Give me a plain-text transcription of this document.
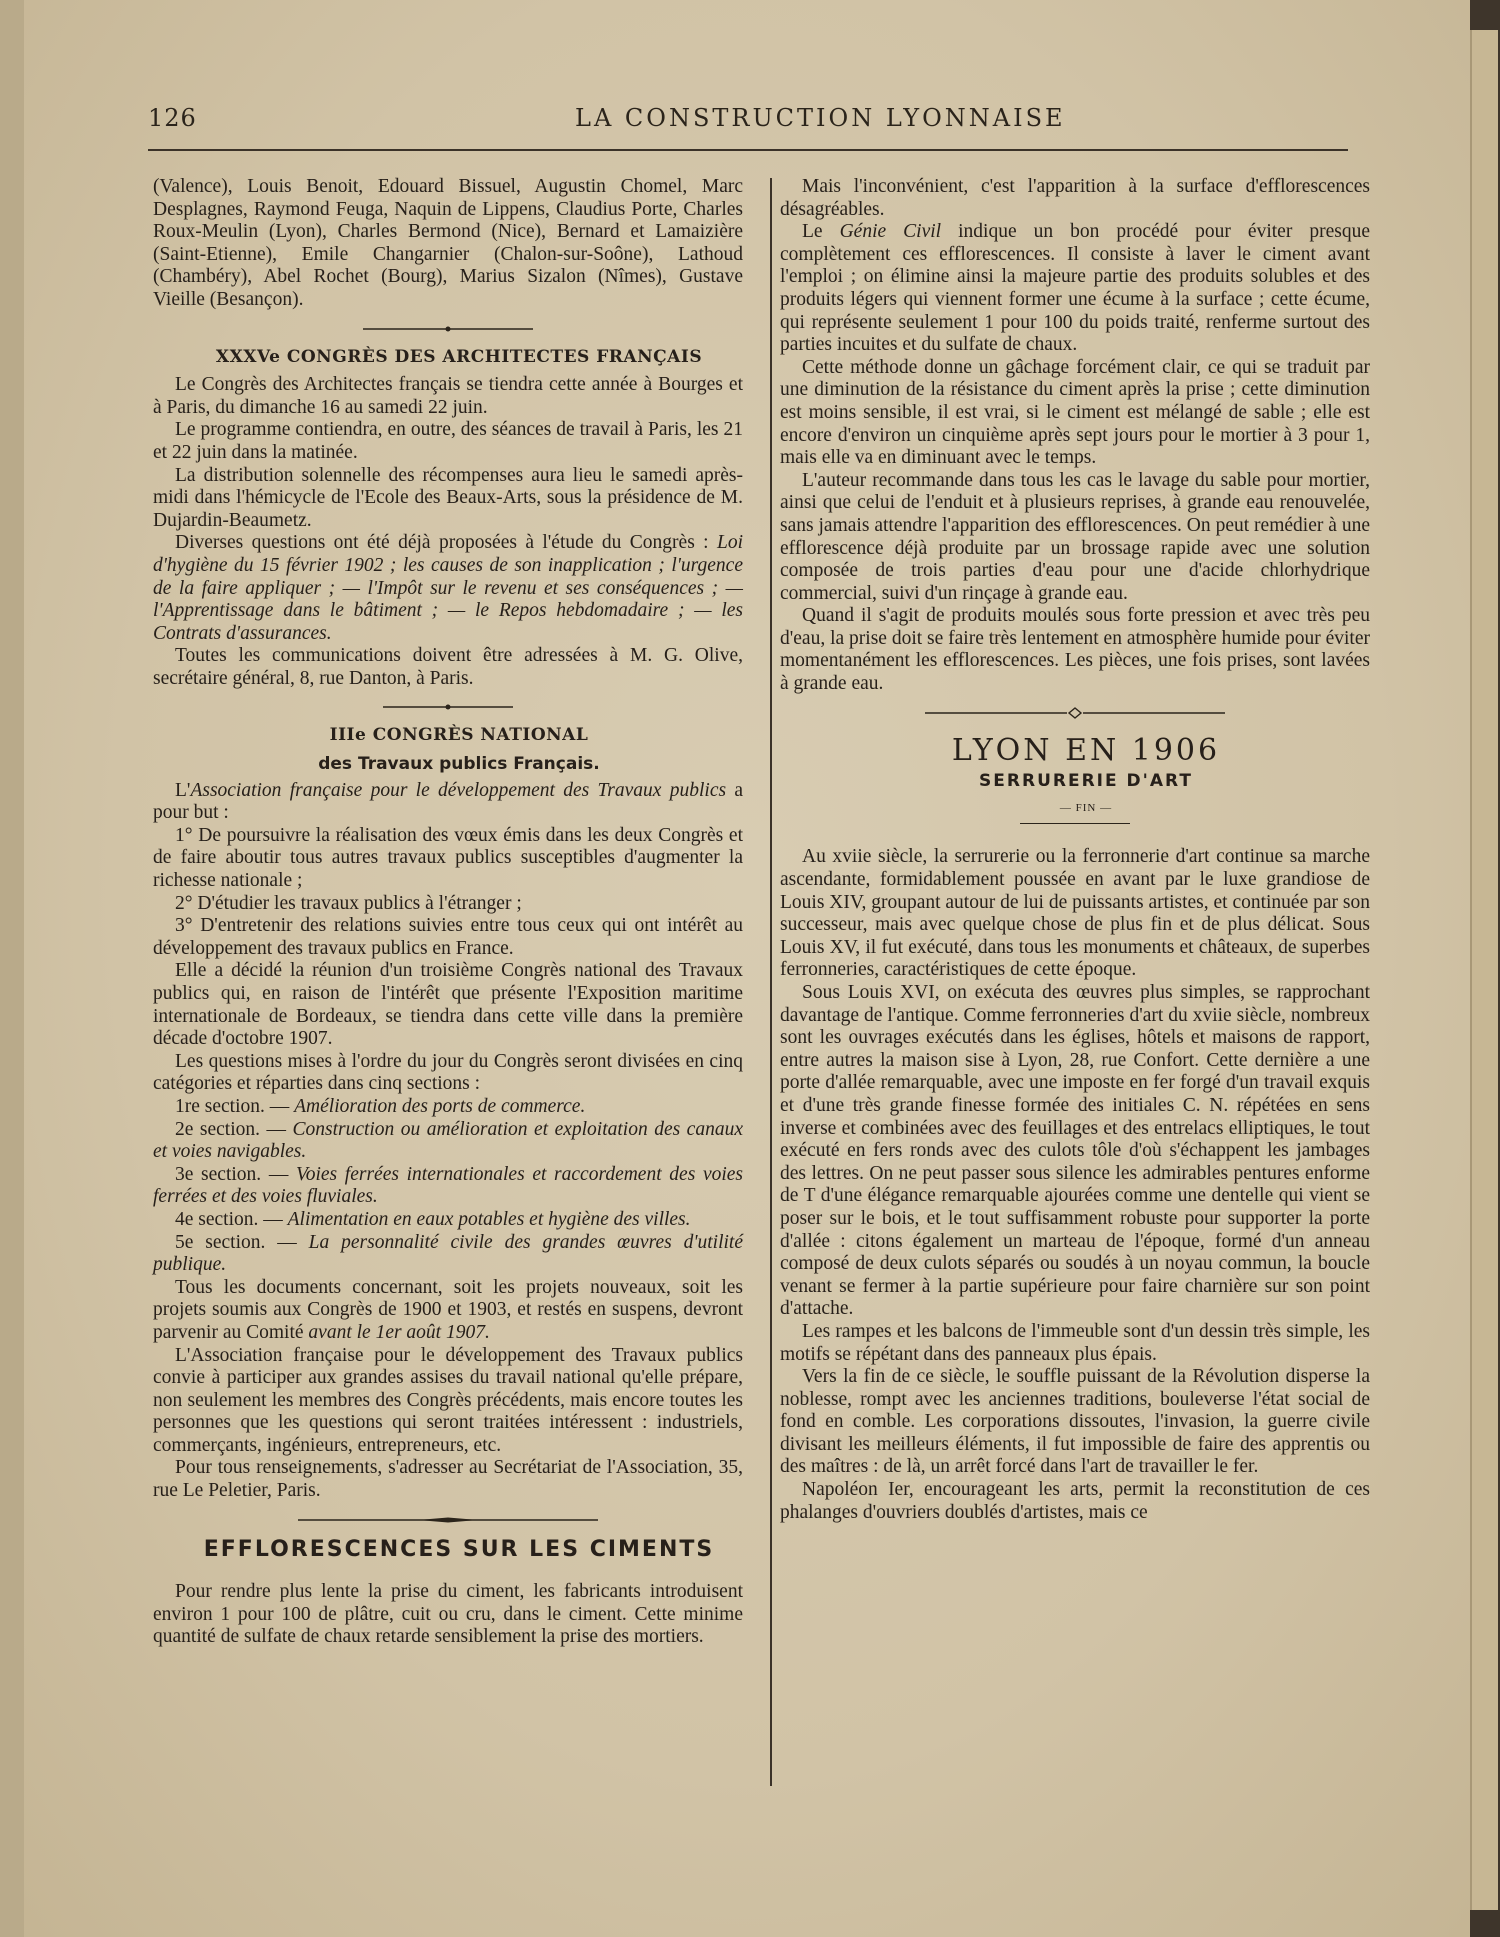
126	LA CONSTRUCTION LYONNAISE

(Valence), Louis Benoit, Edouard Bissuel, Augustin Chomel, Marc Desplagnes, Raymond Feuga, Naquin de Lippens, Claudius Porte, Charles Roux-Meulin (Lyon), Charles Bermond (Nice), Bernard et Lamaizière (Saint-Etienne), Emile Changarnier (Chalon-sur-Soône), Lathoud (Chambéry), Abel Rochet (Bourg), Marius Sizalon (Nîmes), Gustave Vieille (Besançon).

XXXVe CONGRÈS DES ARCHITECTES FRANÇAIS

Le Congrès des Architectes français se tiendra cette année à Bourges et à Paris, du dimanche 16 au samedi 22 juin.

Le programme contiendra, en outre, des séances de travail à Paris, les 21 et 22 juin dans la matinée.

La distribution solennelle des récompenses aura lieu le samedi après-midi dans l'hémicycle de l'Ecole des Beaux-Arts, sous la présidence de M. Dujardin-Beaumetz.

Diverses questions ont été déjà proposées à l'étude du Congrès : Loi d'hygiène du 15 février 1902 ; les causes de son inapplication ; l'urgence de la faire appliquer ; — l'Impôt sur le revenu et ses conséquences ; — l'Apprentissage dans le bâtiment ; — le Repos hebdomadaire ; — les Contrats d'assurances.

Toutes les communications doivent être adressées à M. G. Olive, secrétaire général, 8, rue Danton, à Paris.

IIIe CONGRÈS NATIONAL

des Travaux publics Français.

L'Association française pour le développement des Travaux publics a pour but :

1° De poursuivre la réalisation des vœux émis dans les deux Congrès et de faire aboutir tous autres travaux publics susceptibles d'augmenter la richesse nationale ;

2° D'étudier les travaux publics à l'étranger ;

3° D'entretenir des relations suivies entre tous ceux qui ont intérêt au développement des travaux publics en France.

Elle a décidé la réunion d'un troisième Congrès national des Travaux publics qui, en raison de l'intérêt que présente l'Exposition maritime internationale de Bordeaux, se tiendra dans cette ville dans la première décade d'octobre 1907.

Les questions mises à l'ordre du jour du Congrès seront divisées en cinq catégories et réparties dans cinq sections :

1re section. — Amélioration des ports de commerce.

2e section. — Construction ou amélioration et exploitation des canaux et voies navigables.

3e section. — Voies ferrées internationales et raccordement des voies ferrées et des voies fluviales.

4e section. — Alimentation en eaux potables et hygiène des villes.

5e section. — La personnalité civile des grandes œuvres d'utilité publique.

Tous les documents concernant, soit les projets nouveaux, soit les projets soumis aux Congrès de 1900 et 1903, et restés en suspens, devront parvenir au Comité avant le 1er août 1907.

L'Association française pour le développement des Travaux publics convie à participer aux grandes assises du travail national qu'elle prépare, non seulement les membres des Congrès précédents, mais encore toutes les personnes que les questions qui seront traitées intéressent : industriels, commerçants, ingénieurs, entrepreneurs, etc.

Pour tous renseignements, s'adresser au Secrétariat de l'Association, 35, rue Le Peletier, Paris.

EFFLORESCENCES SUR LES CIMENTS

Pour rendre plus lente la prise du ciment, les fabricants introduisent environ 1 pour 100 de plâtre, cuit ou cru, dans le ciment. Cette minime quantité de sulfate de chaux retarde sensiblement la prise des mortiers.

Mais l'inconvénient, c'est l'apparition à la surface d'efflorescences désagréables.

Le Génie Civil indique un bon procédé pour éviter presque complètement ces efflorescences. Il consiste à laver le ciment avant l'emploi ; on élimine ainsi la majeure partie des produits solubles et des produits légers qui viennent former une écume à la surface ; cette écume, qui représente seulement 1 pour 100 du poids traité, renferme surtout des parties incuites et du sulfate de chaux.

Cette méthode donne un gâchage forcément clair, ce qui se traduit par une diminution de la résistance du ciment après la prise ; cette diminution est moins sensible, il est vrai, si le ciment est mélangé de sable ; elle est encore d'environ un cinquième après sept jours pour le mortier à 3 pour 1, mais elle va en diminuant avec le temps.

L'auteur recommande dans tous les cas le lavage du sable pour mortier, ainsi que celui de l'enduit et à plusieurs reprises, à grande eau renouvelée, sans jamais attendre l'apparition des efflorescences. On peut remédier à une efflorescence déjà produite par un brossage rapide avec une solution composée de trois parties d'eau pour une d'acide chlorhydrique commercial, suivi d'un rinçage à grande eau.

Quand il s'agit de produits moulés sous forte pression et avec très peu d'eau, la prise doit se faire très lentement en atmosphère humide pour éviter momentanément les efflorescences. Les pièces, une fois prises, sont lavées à grande eau.

LYON EN 1906

SERRURERIE D'ART

— FIN —

Au xviie siècle, la serrurerie ou la ferronnerie d'art continue sa marche ascendante, formidablement poussée en avant par le luxe grandiose de Louis XIV, groupant autour de lui de puissants artistes, et continuée par son successeur, mais avec quelque chose de plus fin et de plus délicat. Sous Louis XV, il fut exécuté, dans tous les monuments et châteaux, de superbes ferronneries, caractéristiques de cette époque.

Sous Louis XVI, on exécuta des œuvres plus simples, se rapprochant davantage de l'antique. Comme ferronneries d'art du xviie siècle, nombreux sont les ouvrages exécutés dans les églises, hôtels et maisons de rapport, entre autres la maison sise à Lyon, 28, rue Confort. Cette dernière a une porte d'allée remarquable, avec une imposte en fer forgé d'un travail exquis et d'une très grande finesse formée des initiales C. N. répétées en sens inverse et combinées avec des feuillages et des entrelacs elliptiques, le tout exécuté en fers ronds avec des culots tôle d'où s'échappent les jambages des lettres. On ne peut passer sous silence les admirables pentures enforme de T d'une élégance remarquable ajourées comme une dentelle qui vient se poser sur le bois, et le tout suffisamment robuste pour supporter la porte d'allée : citons également un marteau de l'époque, formé d'un anneau composé de deux culots séparés ou soudés à un noyau commun, la boucle venant se fermer à la partie supérieure pour faire charnière sur son point d'attache.

Les rampes et les balcons de l'immeuble sont d'un dessin très simple, les motifs se répétant dans des panneaux plus épais.

Vers la fin de ce siècle, le souffle puissant de la Révolution disperse la noblesse, rompt avec les anciennes traditions, bouleverse l'état social de fond en comble. Les corporations dissoutes, l'invasion, la guerre civile divisant les meilleurs éléments, il fut impossible de faire des apprentis ou des maîtres : de là, un arrêt forcé dans l'art de travailler le fer.

Napoléon Ier, encourageant les arts, permit la reconstitution de ces phalanges d'ouvriers doublés d'artistes, mais ce
